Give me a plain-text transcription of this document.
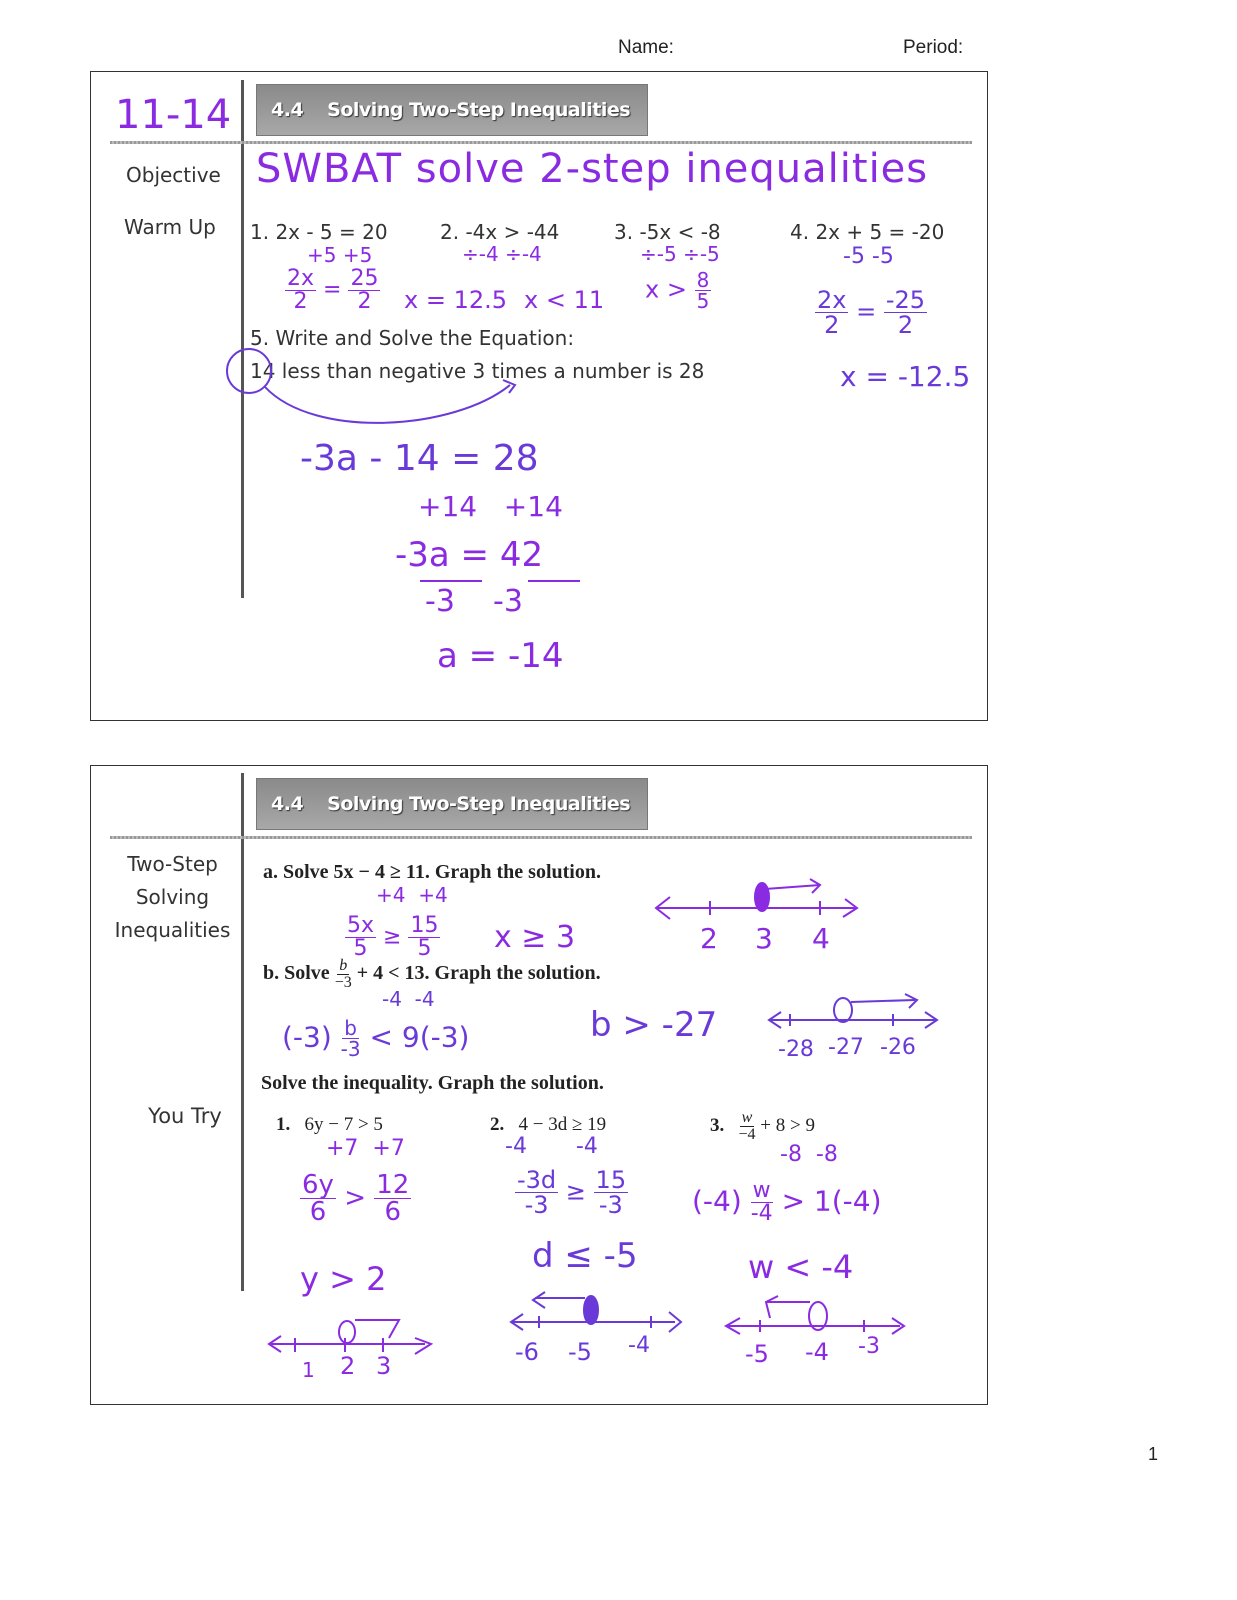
Name:	Period:
11-14 4.4 Solving Two-Step Inequalities
Objective SWBAT solve 2-step inequalities
Warm Up 1. 2x - 5 = 20	2. -4x > -44	3. -5x < -8	4. 2x + 5 = -20
+5 +5
$\frac{2x}{2} = \frac{25}{2}$ x = 12.5
÷-4 ÷-4
x < 11
÷-5 ÷-5
$x > \frac{8}{5}$
-5 -5
$\frac{2x}{2} = \frac{-25}{2}$
x = -12.5
5. Write and Solve the Equation:
14 less than negative 3 times a number is 28
-3a - 14 = 28
+14   +14
-3a = 42
-3    -3
a = -14
4.4 Solving Two-Step Inequalities
Two-Step
Solving
Inequalities
You Try
a. Solve 5x − 4 ≥ 11. Graph the solution.
+4  +4
$\frac{5x}{5} \ge \frac{15}{5}$ x ≥ 3	2 3 4
b. Solve $\frac{b}{-3} + 4 < 13$. Graph the solution.
-4  -4
$(-3) \frac{b}{-3} < 9(-3)$	b > -27
-28 -27 -26
Solve the inequality. Graph the solution.
1. 6y − 7 > 5
+7  +7
$\frac{6y}{6} > \frac{12}{6}$
y > 2
1 2 3
2. 4 − 3d ≥ 19
-4       -4
$\frac{-3d}{-3} \ge \frac{15}{-3}$
d ≤ -5
-6 -5 -4
3. $\frac{w}{-4} + 8 > 9$
-8  -8
$(-4) \frac{w}{-4} > 1(-4)$
w < -4
-5 -4 -3
1
